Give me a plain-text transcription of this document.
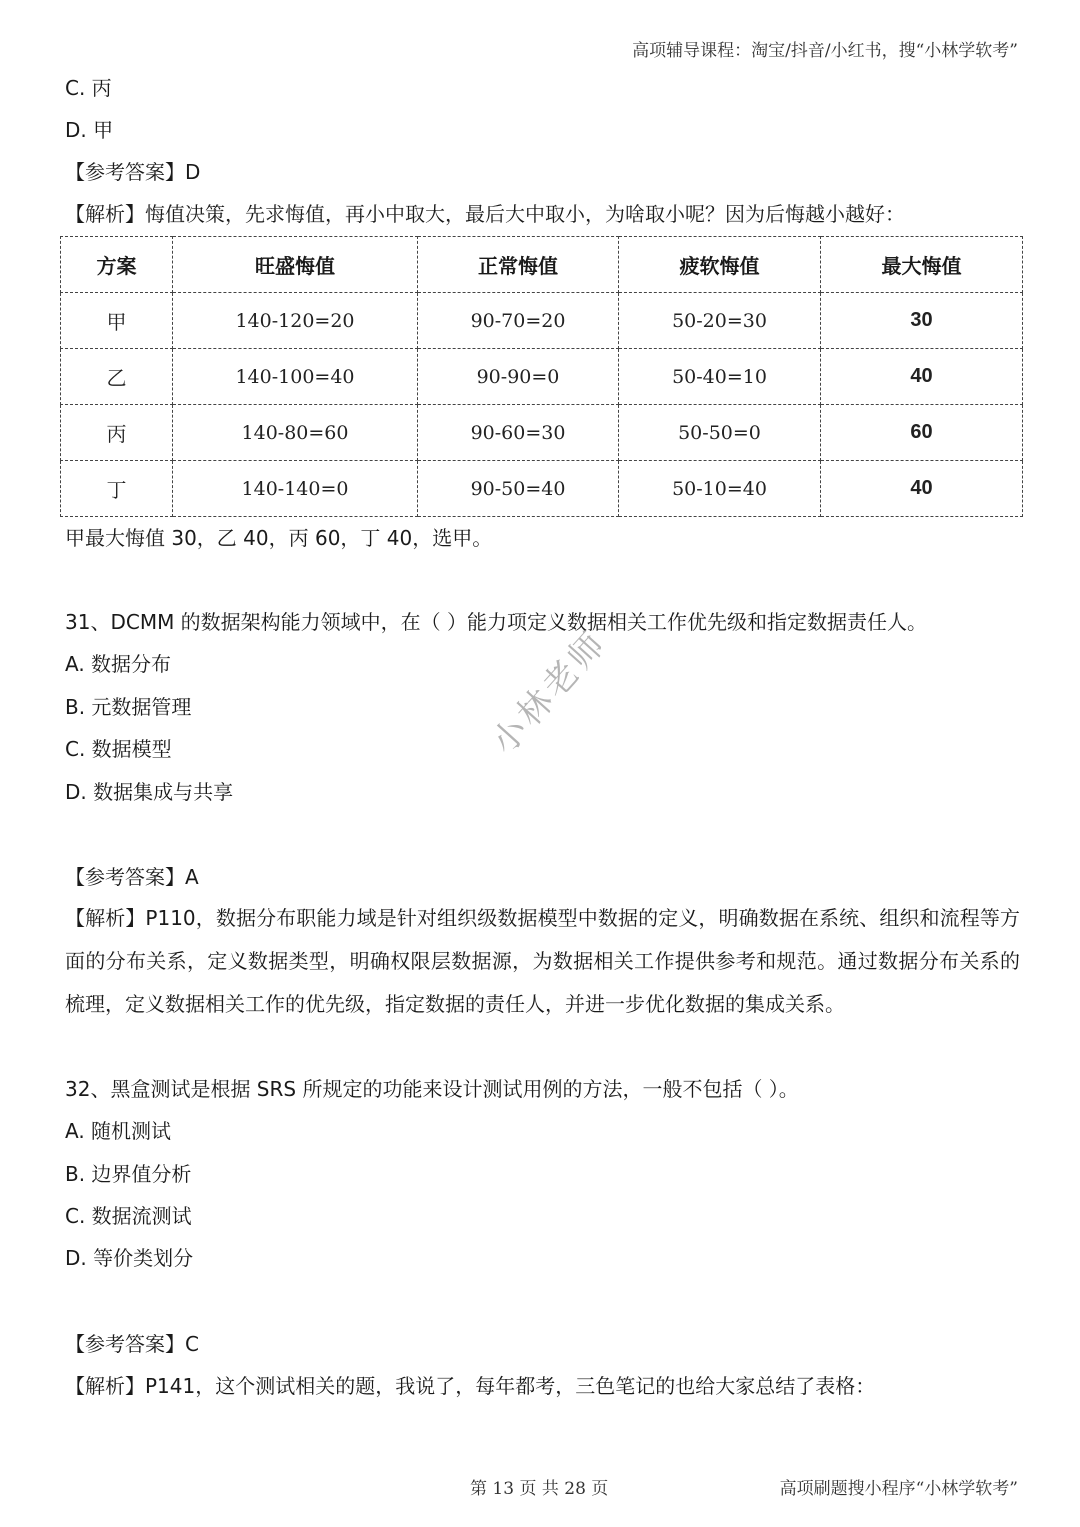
高项辅导课程：淘宝/抖音/小红书，搜“小林学软考”
C. 丙
D. 甲
【参考答案】D
【解析】悔值决策，先求悔值，再小中取大，最后大中取小，为啥取小呢？因为后悔越小越好：
方案	旺盛悔值	正常悔值	疲软悔值	最大悔值
甲	140-120=20	90-70=20	50-20=30	30
乙	140-100=40	90-90=0	50-40=10	40
丙	140-80=60	90-60=30	50-50=0	60
丁	140-140=0	90-50=40	50-10=40	40
甲最大悔值 30，乙 40，丙 60，丁 40，选甲。
31、DCMM 的数据架构能力领域中，在（ ）能力项定义数据相关工作优先级和指定数据责任人。
A. 数据分布
B. 元数据管理
C. 数据模型
D. 数据集成与共享
小林老师
【参考答案】A
【解析】P110，数据分布职能力域是针对组织级数据模型中数据的定义，明确数据在系统、组织和流程等方面的分布关系，定义数据类型，明确权限层数据源，为数据相关工作提供参考和规范。通过数据分布关系的梳理，定义数据相关工作的优先级，指定数据的责任人，并进一步优化数据的集成关系。
32、黑盒测试是根据 SRS 所规定的功能来设计测试用例的方法，一般不包括（ ）。
A. 随机测试
B. 边界值分析
C. 数据流测试
D. 等价类划分
【参考答案】C
【解析】P141，这个测试相关的题，我说了，每年都考，三色笔记的也给大家总结了表格：
第 13 页 共 28 页	高项刷题搜小程序“小林学软考”
